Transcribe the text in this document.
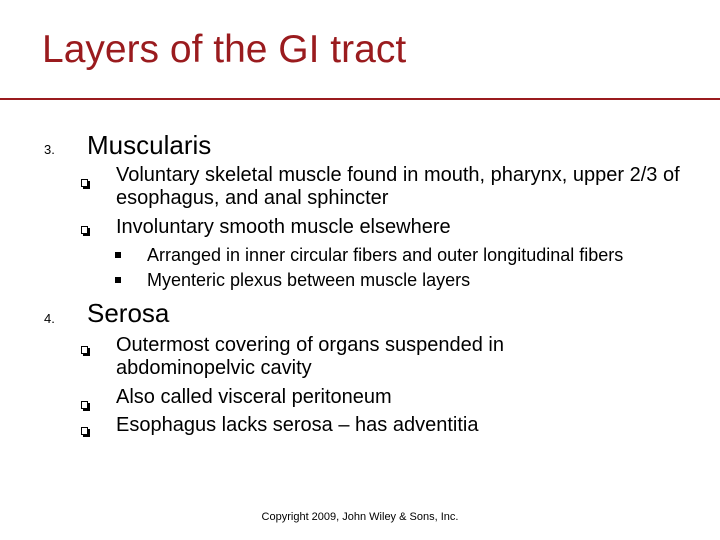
Layers of the GI tract
3. Muscularis
Voluntary skeletal muscle found in mouth, pharynx, upper 2/3 of esophagus, and anal sphincter
Involuntary smooth muscle elsewhere
Arranged in inner circular fibers and outer longitudinal fibers
Myenteric plexus between muscle layers
4. Serosa
Outermost covering of organs suspended in abdominopelvic cavity
Also called visceral peritoneum
Esophagus lacks serosa – has adventitia
Copyright 2009, John Wiley & Sons, Inc.
